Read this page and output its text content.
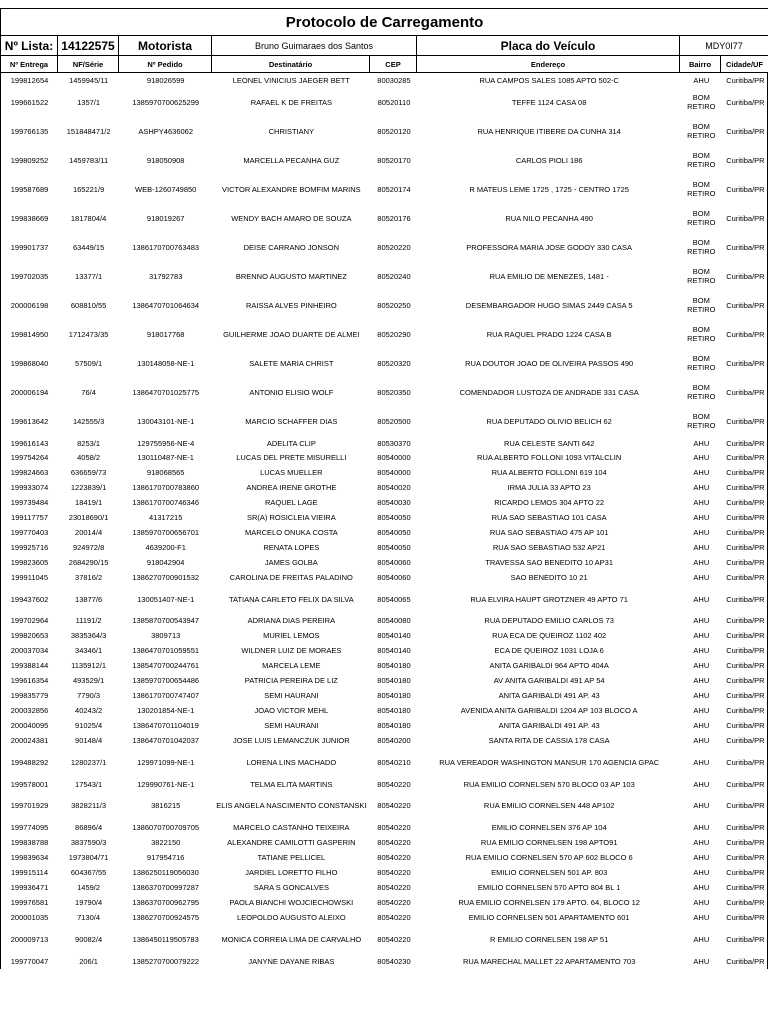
Protocolo de Carregamento							
Nº Lista:	14122575	Motorista	Bruno Guimaraes dos Santos		Placa do Veículo	MDY0I77	
Nº Entrega	NF/Série	Nº Pedido	Destinatário	CEP	Endereço	Bairro	Cidade/UF
199812654	1459945/11	918026599	LEONEL VINICIUS JAEGER BETT	80030285	RUA CAMPOS SALES 1085 APTO 502-C	AHU	Curitiba/PR
199661522	1357/1	1385970700625299	RAFAEL K DE FREITAS	80520110	TEFFE 1124 CASA 08	BOM RETIRO	Curitiba/PR
199766135	151848471/2	ASHPY4636062	CHRISTIANY	80520120	RUA HENRIQUE ITIBERE DA CUNHA 314	BOM RETIRO	Curitiba/PR
199809252	1459783/11	918050908	MARCELLA PECANHA GUZ	80520170	CARLOS PIOLI 186	BOM RETIRO	Curitiba/PR
199587689	165221/9	WEB-1260749850	VICTOR ALEXANDRE BOMFIM MARINS	80520174	R MATEUS LEME 1725 , 1725 - CENTRO 1725	BOM RETIRO	Curitiba/PR
199838669	1817804/4	918019267	WENDY BACH AMARO DE SOUZA	80520176	RUA NILO PECANHA 490	BOM RETIRO	Curitiba/PR
199901737	63449/15	1386170700763483	DEISE CARRANO JONSON	80520220	PROFESSORA MARIA JOSE GODOY 330 CASA	BOM RETIRO	Curitiba/PR
199702035	13377/1	31792783	BRENNO AUGUSTO MARTINEZ	80520240	RUA EMILIO DE MENEZES, 1481 -	BOM RETIRO	Curitiba/PR
200006198	608810/55	1386470701064634	RAISSA ALVES PINHEIRO	80520250	DESEMBARGADOR HUGO SIMAS 2449 CASA 5	BOM RETIRO	Curitiba/PR
199814950	1712473/35	918017768	GUILHERME JOAO DUARTE DE ALMEI	80520290	RUA RAQUEL PRADO 1224 CASA B	BOM RETIRO	Curitiba/PR
199868040	57509/1	130148058-NE-1	SALETE MARIA CHRIST	80520320	RUA DOUTOR JOAO DE OLIVEIRA PASSOS 490	BOM RETIRO	Curitiba/PR
200006194	76/4	1386470701025775	ANTONIO ELISIO WOLF	80520350	COMENDADOR LUSTOZA DE ANDRADE 331 CASA	BOM RETIRO	Curitiba/PR
199613642	142555/3	130043101-NE-1	MARCIO SCHAFFER DIAS	80520500	RUA DEPUTADO OLIVIO BELICH 62	BOM RETIRO	Curitiba/PR
199616143	8253/1	129755956-NE-4	ADELITA CLIP	80530370	RUA CELESTE SANTI 642	AHU	Curitiba/PR
199754264	4058/2	130110487-NE-1	LUCAS DEL PRETE MISURELLI	80540000	RUA ALBERTO FOLLONI 1093 VITALCLIN	AHU	Curitiba/PR
199824663	636659/73	918068565	LUCAS MUELLER	80540000	RUA ALBERTO FOLLONI 619 104	AHU	Curitiba/PR
199933074	1223839/1	1386170700783860	ANDREA IRENE GROTHE	80540020	IRMA JULIA 33 APTO 23	AHU	Curitiba/PR
199739484	18419/1	1386170700746346	RAQUEL LAGE	80540030	RICARDO LEMOS 304 APTO 22	AHU	Curitiba/PR
199117757	23018690/1	41317215	SR(A) ROSICLEIA VIEIRA	80540050	RUA SAO SEBASTIAO 101 CASA	AHU	Curitiba/PR
199770403	20014/4	1385970700656701	MARCELO ONUKA COSTA	80540050	RUA SAO SEBASTIAO 475 AP 101	AHU	Curitiba/PR
199925716	924972/8	4639200-F1	RENATA LOPES	80540050	RUA SAO SEBASTIAO 532 AP21	AHU	Curitiba/PR
199823605	2684290/15	918042904	JAMES GOLBA	80540060	TRAVESSA SAO BENEDITO 10 AP31	AHU	Curitiba/PR
199911045	37816/2	1386270700901532	CAROLINA DE FREITAS PALADINO	80540060	SAO BENEDITO 10 21	AHU	Curitiba/PR
199437602	13877/6	130051407-NE-1	TATIANA CARLETO FELIX DA SILVA	80540065	RUA ELVIRA HAUPT GROTZNER 49 APTO 71	AHU	Curitiba/PR
199702964	11191/2	1385870700543947	ADRIANA DIAS PEREIRA	80540080	RUA DEPUTADO EMILIO CARLOS 73	AHU	Curitiba/PR
199820653	3835364/3	3809713	MURIEL LEMOS	80540140	RUA ECA DE QUEIROZ 1102 402	AHU	Curitiba/PR
200037034	34346/1	1386470701059551	WILDNER LUIZ DE MORAES	80540140	ECA DE QUEIROZ 1031 LOJA 6	AHU	Curitiba/PR
199388144	1135912/1	1385470700244761	MARCELA LEME	80540180	ANITA GARIBALDI 964 APTO 404A	AHU	Curitiba/PR
199616354	493529/1	1385970700654486	PATRICIA PEREIRA DE LIZ	80540180	AV ANITA GARIBALDI 491 AP 54	AHU	Curitiba/PR
199835779	7790/3	1386170700747407	SEMI HAURANI	80540180	ANITA GARIBALDI 491 AP. 43	AHU	Curitiba/PR
200032856	40243/2	130201854-NE-1	JOAO VICTOR MEHL	80540180	AVENIDA ANITA GARIBALDI 1204 AP 103 BLOCO A	AHU	Curitiba/PR
200040095	91025/4	1386470701104019	SEMI HAURANI	80540180	ANITA GARIBALDI 491 AP. 43	AHU	Curitiba/PR
200024381	90148/4	1386470701042037	JOSE LUIS LEMANCZUK JUNIOR	80540200	SANTA RITA DE CASSIA 178 CASA	AHU	Curitiba/PR
199488292	1280237/1	129971099-NE-1	LORENA LINS MACHADO	80540210	RUA VEREADOR WASHINGTON MANSUR 170 AGENCIA GPAC	AHU	Curitiba/PR
199578001	17543/1	129990761-NE-1	TELMA ELITA MARTINS	80540220	RUA EMILIO CORNELSEN 570 BLOCO 03 AP 103	AHU	Curitiba/PR
199701929	3828211/3	3816215	ELIS ANGELA NASCIMENTO CONSTANSKI	80540220	RUA EMILIO CORNELSEN 448 AP102	AHU	Curitiba/PR
199774095	86896/4	1386070700709705	MARCELO CASTANHO TEIXEIRA	80540220	EMILIO CORNELSEN 376 AP 104	AHU	Curitiba/PR
199838788	3837590/3	3822150	ALEXANDRE CAMILOTTI GASPERIN	80540220	RUA EMILIO CORNELSEN 198 APTO91	AHU	Curitiba/PR
199839634	1973804/71	917954716	TATIANE PELLICEL	80540220	RUA EMILIO CORNELSEN 570 AP 602 BLOCO 6	AHU	Curitiba/PR
199915114	604367/55	1386250119056030	JARDIEL LORETTO FILHO	80540220	EMILIO CORNELSEN 501 AP. 803	AHU	Curitiba/PR
199936471	1459/2	1386370700997287	SARA S GONCALVES	80540220	EMILIO CORNELSEN 570 APTO 804 BL 1	AHU	Curitiba/PR
199976581	19790/4	1386370700962795	PAOLA BIANCHI WOJCIECHOWSKI	80540220	RUA EMILIO CORNELSEN 179 APTO. 64, BLOCO 12	AHU	Curitiba/PR
200001035	7130/4	1386270700924575	LEOPOLDO AUGUSTO ALEIXO	80540220	EMILIO CORNELSEN 501 APARTAMENTO 601	AHU	Curitiba/PR
200009713	90082/4	1386450119505783	MONICA CORREIA LIMA DE CARVALHO	80540220	R EMILIO CORNELSEN 198 AP 51	AHU	Curitiba/PR
199770047	206/1	1385270700079222	JANYNE DAYANE RIBAS	80540230	RUA MARECHAL MALLET 22 APARTAMENTO 703	AHU	Curitiba/PR
